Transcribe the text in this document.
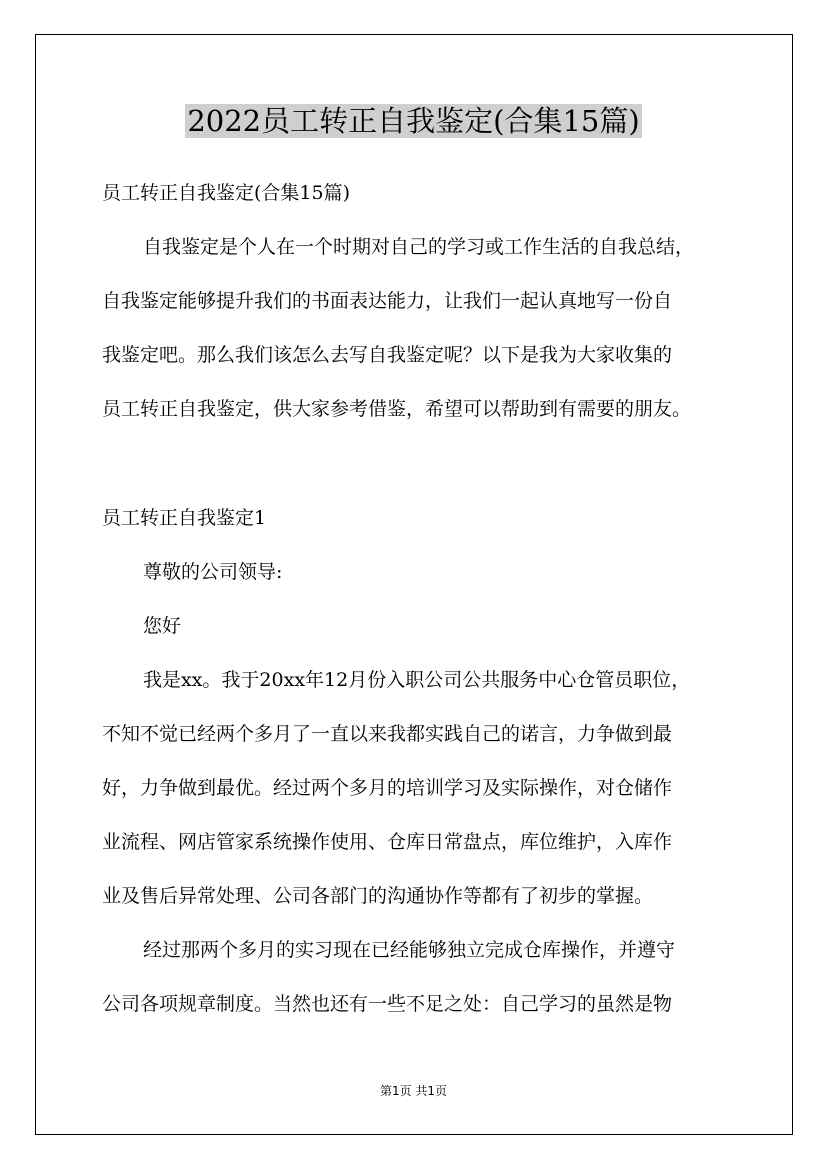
2022员工转正自我鉴定(合集15篇)
员工转正自我鉴定(合集15篇)
自我鉴定是个人在一个时期对自己的学习或工作生活的自我总结，
自我鉴定能够提升我们的书面表达能力，让我们一起认真地写一份自
我鉴定吧。那么我们该怎么去写自我鉴定呢？以下是我为大家收集的
员工转正自我鉴定，供大家参考借鉴，希望可以帮助到有需要的朋友。
员工转正自我鉴定1
尊敬的公司领导:
您好
我是xx。我于20xx年12月份入职公司公共服务中心仓管员职位，
不知不觉已经两个多月了一直以来我都实践自己的诺言，力争做到最
好，力争做到最优。经过两个多月的培训学习及实际操作，对仓储作
业流程、网店管家系统操作使用、仓库日常盘点，库位维护，入库作
业及售后异常处理、公司各部门的沟通协作等都有了初步的掌握。
经过那两个多月的实习现在已经能够独立完成仓库操作，并遵守
公司各项规章制度。当然也还有一些不足之处：自己学习的虽然是物
第1页 共1页
